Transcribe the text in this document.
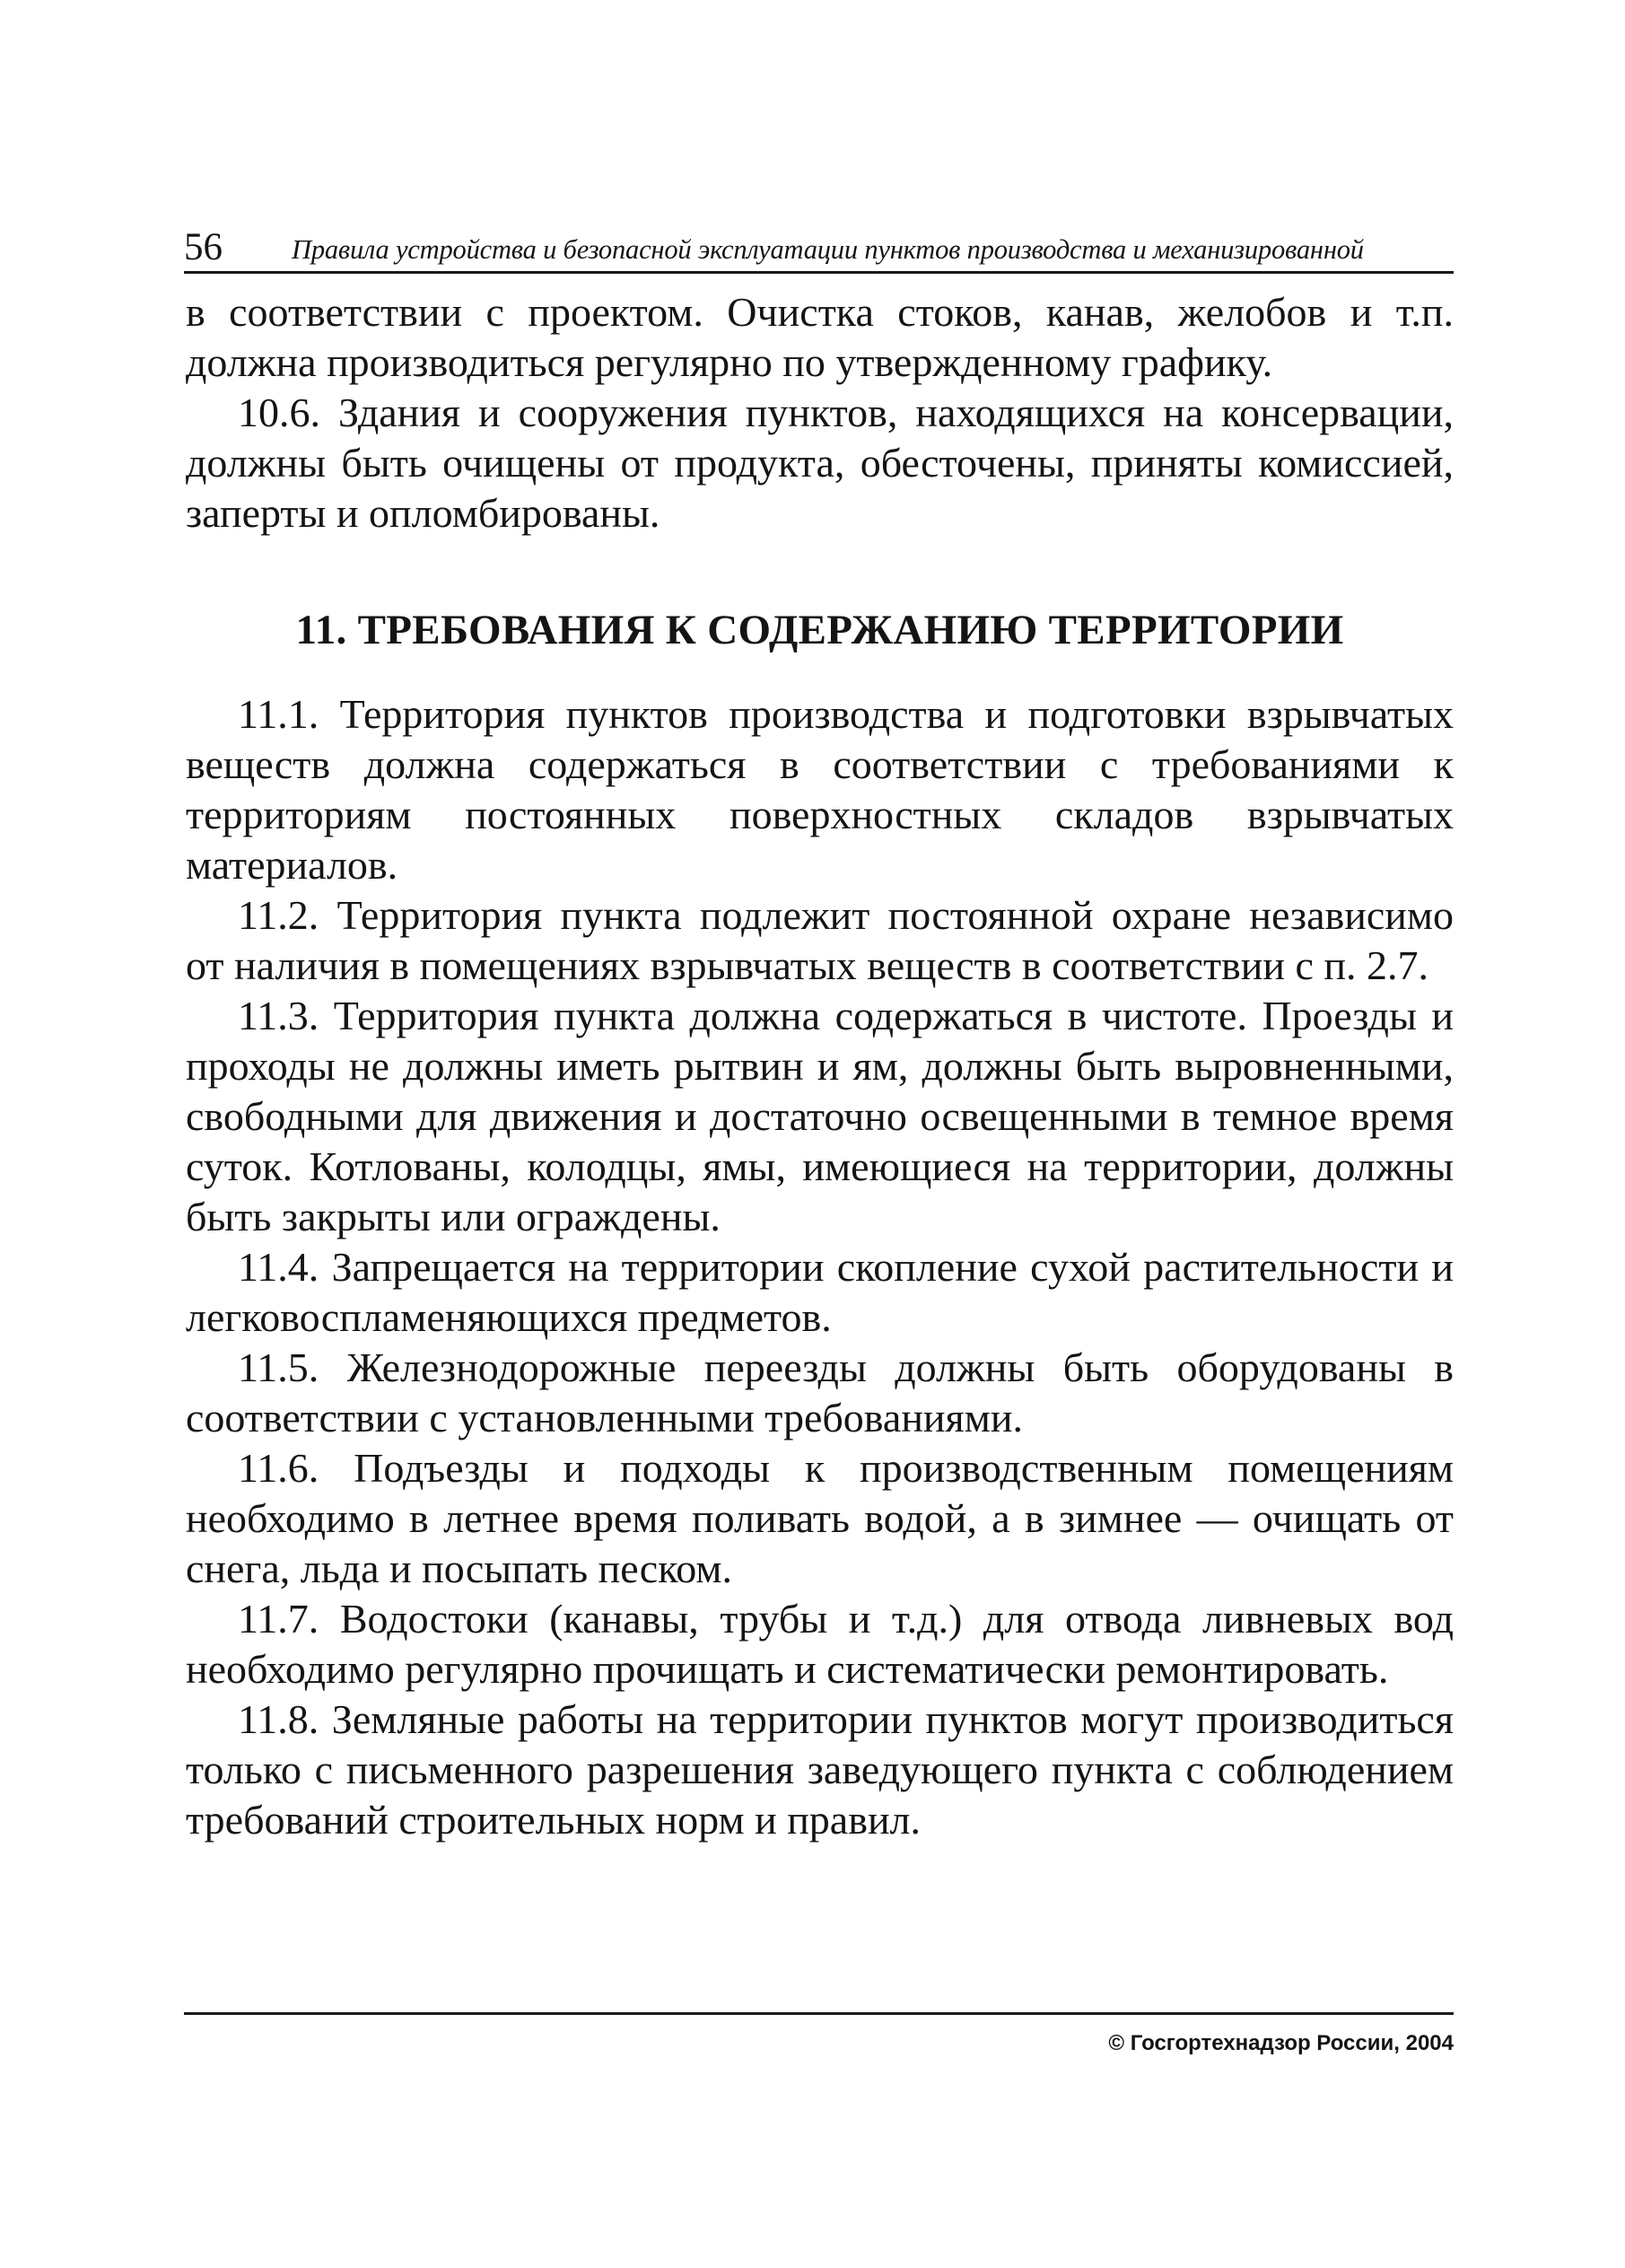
56	Правила устройства и безопасной эксплуатации пунктов производства и механизированной

в соответствии с проектом. Очистка стоков, канав, желобов и т.п. должна производиться регулярно по утвержденному графику.

10.6. Здания и сооружения пунктов, находящихся на консервации, должны быть очищены от продукта, обесточены, приняты комиссией, заперты и опломбированы.

11. ТРЕБОВАНИЯ К СОДЕРЖАНИЮ ТЕРРИТОРИИ

11.1. Территория пунктов производства и подготовки взрывчатых веществ должна содержаться в соответствии с требованиями к территориям постоянных поверхностных складов взрывчатых материалов.

11.2. Территория пункта подлежит постоянной охране независимо от наличия в помещениях взрывчатых веществ в соответствии с п. 2.7.

11.3. Территория пункта должна содержаться в чистоте. Проезды и проходы не должны иметь рытвин и ям, должны быть выровненными, свободными для движения и достаточно освещенными в темное время суток. Котлованы, колодцы, ямы, имеющиеся на территории, должны быть закрыты или ограждены.

11.4. Запрещается на территории скопление сухой растительности и легковоспламеняющихся предметов.

11.5. Железнодорожные переезды должны быть оборудованы в соответствии с установленными требованиями.

11.6. Подъезды и подходы к производственным помещениям необходимо в летнее время поливать водой, а в зимнее — очищать от снега, льда и посыпать песком.

11.7. Водостоки (канавы, трубы и т.д.) для отвода ливневых вод необходимо регулярно прочищать и систематически ремонтировать.

11.8. Земляные работы на территории пунктов могут производиться только с письменного разрешения заведующего пункта с соблюдением требований строительных норм и правил.

© Госгортехнадзор России, 2004
